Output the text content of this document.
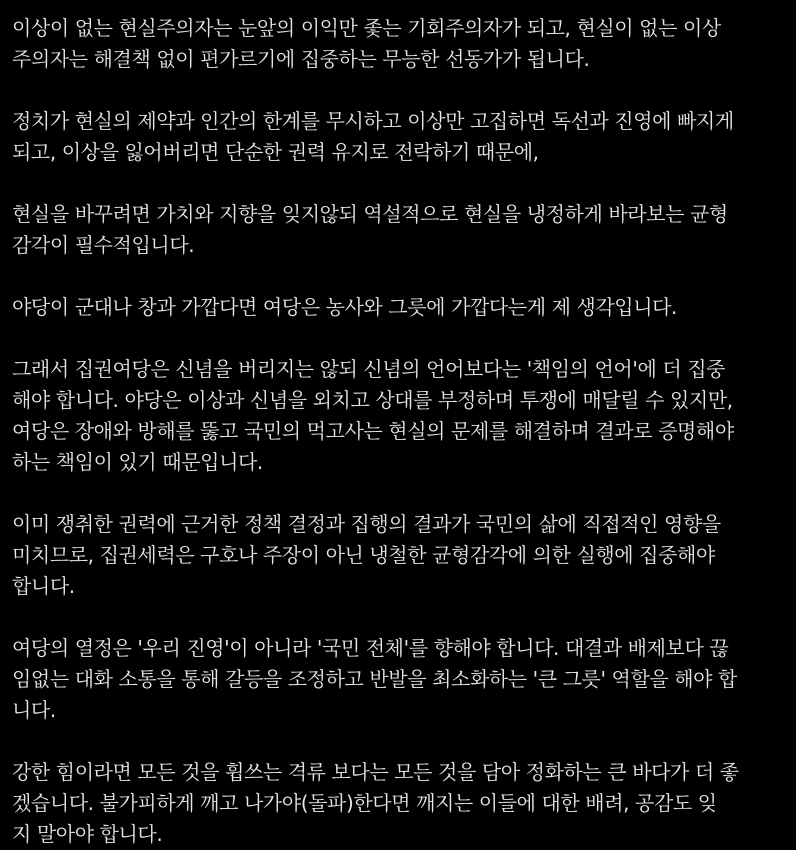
이상이 없는 현실주의자는 눈앞의 이익만 좇는 기회주의자가 되고, 현실이 없는 이상
주의자는 해결책 없이 편가르기에 집중하는 무능한 선동가가 됩니다.

정치가 현실의 제약과 인간의 한계를 무시하고 이상만 고집하면 독선과 진영에 빠지게
되고, 이상을 잃어버리면 단순한 권력 유지로 전락하기 때문에,

현실을 바꾸려면 가치와 지향을 잊지않되 역설적으로 현실을 냉정하게 바라보는 균형
감각이 필수적입니다.

야당이 군대나 창과 가깝다면 여당은 농사와 그릇에 가깝다는게 제 생각입니다.

그래서 집권여당은 신념을 버리지는 않되 신념의 언어보다는 '책임의 언어'에 더 집중
해야 합니다. 야당은 이상과 신념을 외치고 상대를 부정하며 투쟁에 매달릴 수 있지만,
여당은 장애와 방해를 뚫고 국민의 먹고사는 현실의 문제를 해결하며 결과로 증명해야
하는 책임이 있기 때문입니다.

이미 쟁취한 권력에 근거한 정책 결정과 집행의 결과가 국민의 삶에 직접적인 영향을
미치므로, 집권세력은 구호나 주장이 아닌 냉철한 균형감각에 의한 실행에 집중해야
합니다.

여당의 열정은 '우리 진영'이 아니라 '국민 전체'를 향해야 합니다. 대결과 배제보다 끊
임없는 대화 소통을 통해 갈등을 조정하고 반발을 최소화하는 '큰 그릇' 역할을 해야 합
니다.

강한 힘이라면 모든 것을 휩쓰는 격류 보다는 모든 것을 담아 정화하는 큰 바다가 더 좋
겠습니다. 불가피하게 깨고 나가야(돌파)한다면 깨지는 이들에 대한 배려, 공감도 잊
지 말아야 합니다.
